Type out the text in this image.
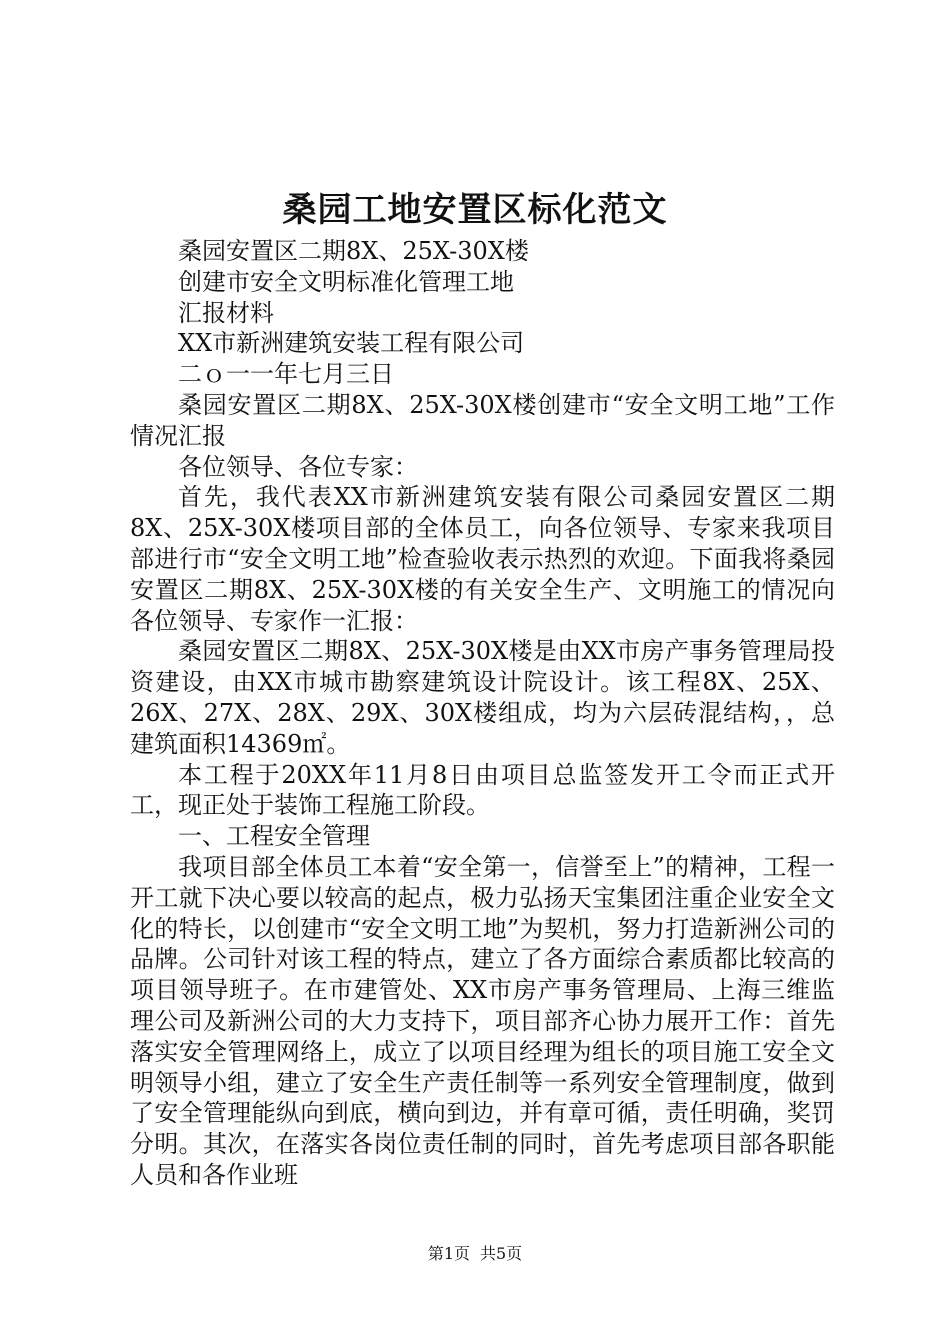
桑园工地安置区标化范文

桑园安置区二期8X、25X-30X楼

创建市安全文明标准化管理工地

汇报材料

XX市新洲建筑安装工程有限公司

二ｏ一一年七月三日

桑园安置区二期8X、25X-30X楼创建市“安全文明工地”工作情况汇报

各位领导、各位专家：

首先，我代表XX市新洲建筑安装有限公司桑园安置区二期8X、25X-30X楼项目部的全体员工，向各位领导、专家来我项目部进行市“安全文明工地”检查验收表示热烈的欢迎。下面我将桑园安置区二期8X、25X-30X楼的有关安全生产、文明施工的情况向各位领导、专家作一汇报：

桑园安置区二期8X、25X-30X楼是由XX市房产事务管理局投资建设，由XX市城市勘察建筑设计院设计。该工程8X、25X、26X、27X、28X、29X、30X楼组成，均为六层砖混结构，，总建筑面积14369㎡。

本工程于20XX年11月8日由项目总监签发开工令而正式开工，现正处于装饰工程施工阶段。

一、工程安全管理

我项目部全体员工本着“安全第一，信誉至上”的精神，工程一开工就下决心要以较高的起点，极力弘扬天宝集团注重企业安全文化的特长，以创建市“安全文明工地”为契机，努力打造新洲公司的品牌。公司针对该工程的特点，建立了各方面综合素质都比较高的项目领导班子。在市建管处、XX市房产事务管理局、上海三维监理公司及新洲公司的大力支持下，项目部齐心协力展开工作：首先落实安全管理网络上，成立了以项目经理为组长的项目施工安全文明领导小组，建立了安全生产责任制等一系列安全管理制度，做到了安全管理能纵向到底，横向到边，并有章可循，责任明确，奖罚分明。其次，在落实各岗位责任制的同时，首先考虑项目部各职能人员和各作业班

第1页 共5页
